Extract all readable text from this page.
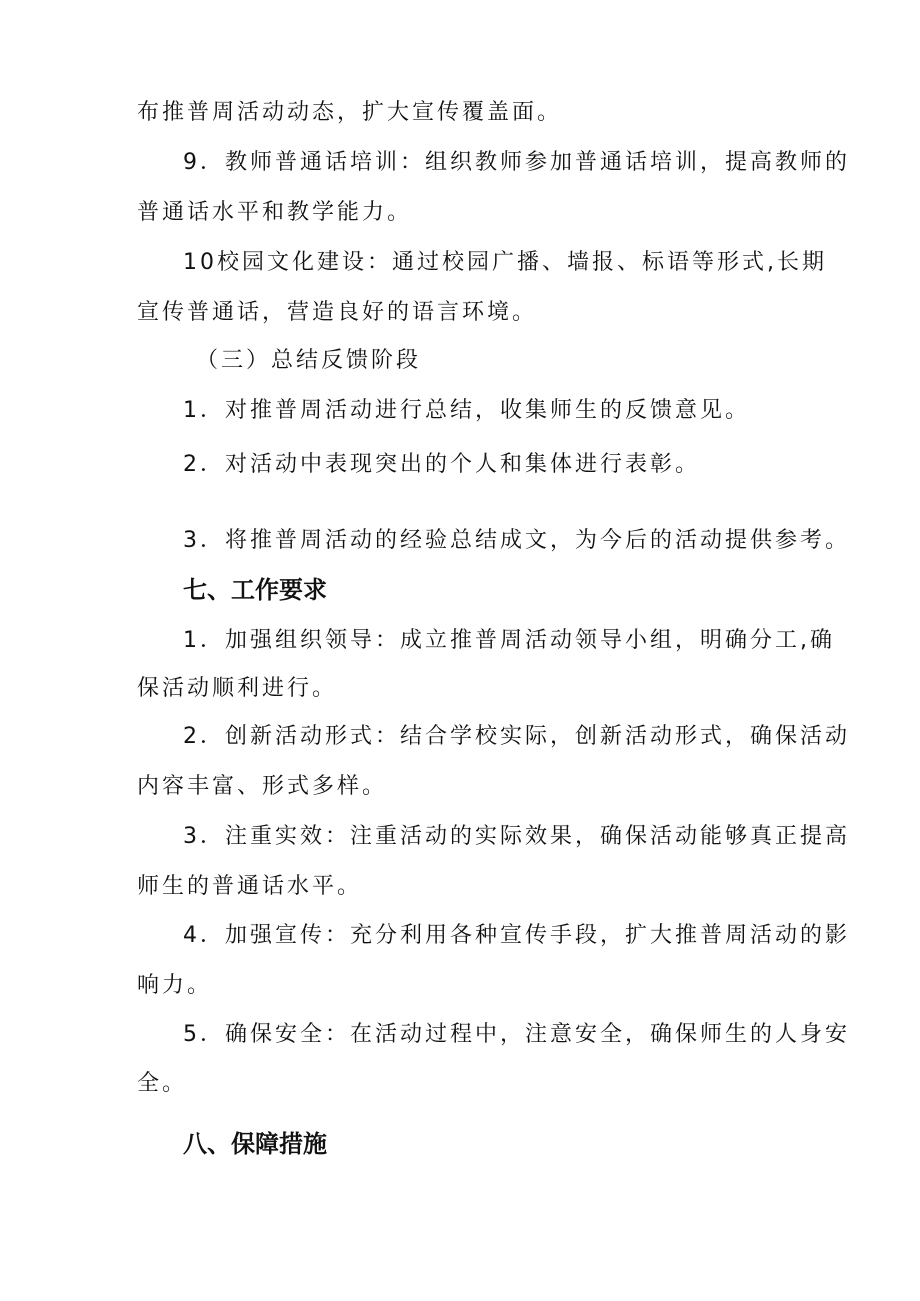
布推普周活动动态，扩大宣传覆盖面。
9．教师普通话培训：组织教师参加普通话培训，提高教师的
普通话水平和教学能力。
10校园文化建设：通过校园广播、墙报、标语等形式,长期
宣传普通话，营造良好的语言环境。
（三）总结反馈阶段
1．对推普周活动进行总结，收集师生的反馈意见。
2．对活动中表现突出的个人和集体进行表彰。
3．将推普周活动的经验总结成文，为今后的活动提供参考。
七、工作要求
1．加强组织领导：成立推普周活动领导小组，明确分工,确
保活动顺利进行。
2．创新活动形式：结合学校实际，创新活动形式，确保活动
内容丰富、形式多样。
3．注重实效：注重活动的实际效果，确保活动能够真正提高
师生的普通话水平。
4．加强宣传：充分利用各种宣传手段，扩大推普周活动的影
响力。
5．确保安全：在活动过程中，注意安全，确保师生的人身安
全。
八、保障措施
